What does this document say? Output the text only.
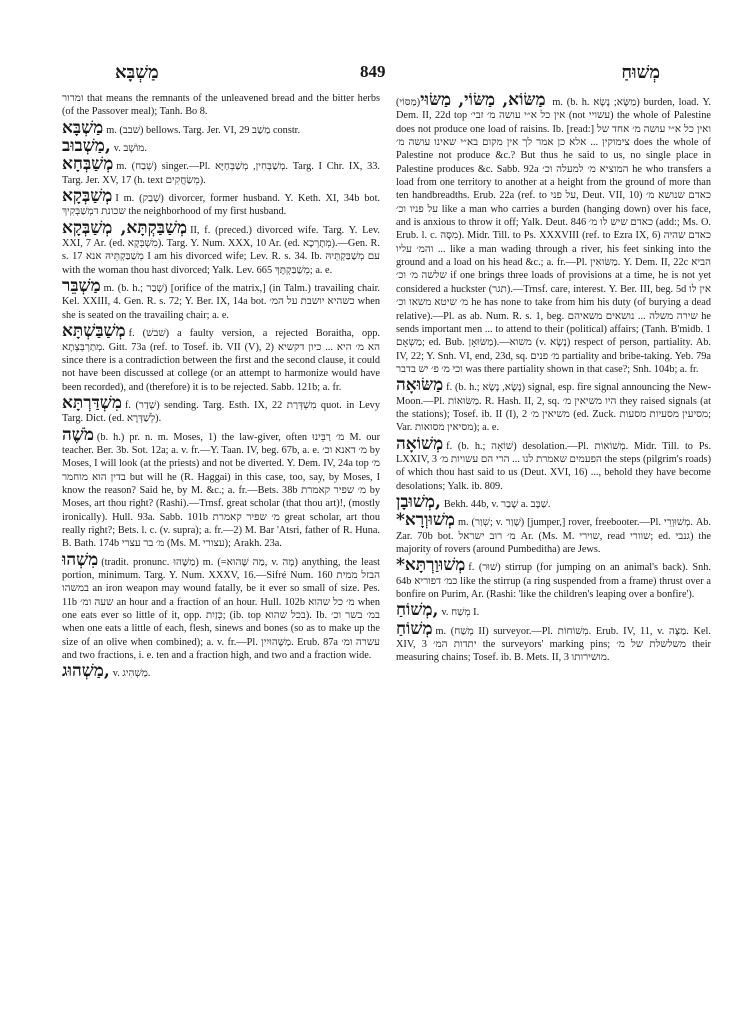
מַשְׁבָּא	849	מְשׁוּחַ

ומרור that means the remnants of the unleavened bread and the bitter herbs (of the Passover meal); Tanh. Bo 8.

מַשְׁבָּא m. (שׁבב) bellows. Targ. Jer. VI, 29 מַשַׁב constr.

מַשְׁבוּב, v. מוֹשָׁב.

מְשַׁבְּחָא m. (שְׁבַח) singer.—Pl. מְשַׁבְּחִין, מְשַׁבְּחַיָּא. Targ. I Chr. IX, 33. Targ. Jer. XV, 17 (h. text מְשַׂחֲקִים).

מְשַׁבְּקָא I m. (שְׁבַק) divorcer, former husband. Y. Keth. XI, 34b bot. שכונת דמְשַׁבְּקִיךְ the neighborhood of my first husband.

מְשַׁבַּקְתָּא, מְשַׁבְּקָא II, f. (preced.) divorced wife. Targ. Y. Lev. XXI, 7 Ar. (ed. מִשְׁבְּקָא). Targ. Y. Num. XXX, 10 Ar. (ed. מְתָרְכָא).—Gen. R. s. 17 מְשַׁבַּקְתֵּיהּ אנא I am his divorced wife; Lev. R. s. 34. Ib. עם מְשַׁבַּקְתֵּיהּ with the woman thou hast divorced; Yalk. Lev. 665 מְשַׁבַּקְתָּךְ; a. e.

מַשְׁבֵּר m. (b. h.; שָׁבַר) [orifice of the matrix,] (in Talm.) travailing chair. Kel. XXIII, 4. Gen. R. s. 72; Y. Ber. IX, 14a bot. כשהיא יושבת על המ׳ when she is seated on the travailing chair; a. e.

מְשַׁבַּשְׁתָּא f. (שׁבשׁ) a faulty version, a rejected Boraitha, opp. מְתַרְבְּצְתָא. Gitt. 73a (ref. to Tosef. ib. VII (V), 2) הא מ׳ היא ... כיון דקשיא since there is a contradiction between the first and the second clause, it could not have been discussed at college (or an attempt to harmonize would have been recorded), and (therefore) it is to be rejected. Sabb. 121b; a. fr.

מִשְׁדַּרְתָּא f. (שְׁדַר) sending. Targ. Esth. IX, 22 מִשְׁדְּרַת quot. in Levy Targ. Dict. (ed. לְשַׁדְּרָא).

מֹשֶׁה (b. h.) pr. n. m. Moses, 1) the law-giver, often מ׳ רַבֵּינוּ M. our teacher. Ber. 3b. Sot. 12a; a. v. fr.—Y. Taan. IV, beg. 67b, a. e. מ׳ דאנא וכ׳ by Moses, I will look (at the priests) and not be diverted. Y. Dem. IV, 24a top מ׳ בדין הוא מוחמר but will he (R. Haggai) in this case, too, say, by Moses, I know the reason? Said he, by M. &c.; a. fr.—Bets. 38b מ׳ שפיר קאמרת by Moses, art thou right? (Rashi).—Trnsf. great scholar (that thou art)!, (mostly ironically). Hull. 93a. Sabb. 101b מ׳ שפיר קאמרת great scholar, art thou really right?; Bets. l. c. (v. supra); a. fr.—2) M. Bar 'Atsri, father of R. Huna. B. Bath. 174b מ׳ בר עצרי (Ms. M. עצורי); Arakh. 23a.

מִשְׁהוּ (tradit. pronunc. מַשֶּׁהוּ) m. (=מַה שֶּׁהוּא, v. מָה) anything, the least portion, minimum. Targ. Y. Num. XXXV, 16.—Sifré Num. 160 הבזל ממית במשהו an iron weapon may wound fatally, be it ever so small of size. Pes. 11b שעה ומ׳ an hour and a fraction of an hour. Hull. 102b מ׳ כל שהוא when one eats ever so little of it, opp. כְּזַיִת; (ib. top בכל שהוא). Ib. במ׳ בשר וכ׳ when one eats a little of each, flesh, sinews and bones (so as to make up the size of an olive when combined); a. v. fr.—Pl. מַשֶּׁהוּיִין. Erub. 87a עשרה ומ׳ and two fractions, i. e. ten and a fraction high, and two and a fraction wide.

מַשְׁהוּג, v. מַשְׁהִיג.

מַשּׂוֹא, מַשּׂוֹי, מַשּׂוּי(מַסּוֹי) m. (b. h. מַשָּׂא; נָשָׂא) burden, load. Y. Dem. II, 22d top אין כל א״י עושה מ׳ זבי׳ (not עשויי) the whole of Palestine does not produce one load of raisins. Ib. [read:] ואין כל א״י עושה מ׳ אחד של צימוקין ... אלא כן אמר לך אין מקום בא״י שאינו עושה מ׳ does the whole of Palestine not produce &c.? But thus he said to us, no single place in Palestine produces &c. Sabb. 92a המוציא מ׳ למעלה וכ׳ he who transfers a load from one territory to another at a height from the ground of more than ten handbreadths. Erub. 22a (ref. to על פני, Deut. VII, 10) כאדם שנושא מ׳ על פניו וכ׳ like a man who carries a burden (hanging down) over his face, and is anxious to throw it off; Yalk. Deut. 846 כאדם שיש לו מ׳ (add:; Ms. O. Erub. l. c. מִסָּה). Midr. Till. to Ps. XXXVIII (ref. to Ezra IX, 6) כאדם שהיה ... והמ׳ עליו like a man wading through a river, his feet sinking into the ground and a load on his head &c.; a. fr.—Pl. מַשּׂוּאִין. Y. Dem. II, 22c הביא שלשה מ׳ וכ׳ if one brings three loads of provisions at a time, he is not yet considered a huckster (תגר).—Trnsf. care, interest. Y. Ber. III, beg. 5d אין לו מ׳ שיטא משאו וכ׳ he has none to take from him his duty (of burying a dead relative).—Pl. as ab. Num. R. s. 1, beg. שירה משלה ... נושאים משאיהם he sends important men ... to attend to their (political) affairs; (Tanh. B'midb. 1 מַשְׂאָם; ed. Bub. מַשּׂוּאָן).—משוא (v. נָשָׂא) respect of person, partiality. Ab. IV, 22; Y. Snh. VI, end, 23d, sq. מ׳ פנים partiality and bribe-taking. Yeb. 79a וכי מ׳ פ׳ יש בדבר was there partiality shown in that case?; Snh. 104b; a. fr.

מַשּׂוּאָה f. (b. h.; נָשָׂא, נָשָׂא) signal, esp. fire signal announcing the New-Moon.—Pl. מַשּׂוּאוֹת. R. Hash. II, 2, sq. היו משיאין מ׳ they raised signals (at the stations); Tosef. ib. II (I), 2 משיאין מ׳ (ed. Zuck. מסיעין מסעיות מסעות; Var. מסיאין מסואות); a. e.

מְשׁוֹאָה f. (b. h.; שׁוֹאָה) desolation.—Pl. מְשׁוֹאוֹת. Midr. Till. to Ps. LXXIV, 3 הפעמים שאמרת לנו ... הרי הם עשויות מ׳ the steps (pilgrim's roads) of which thou hast said to us (Deut. XVI, 16) ..., behold they have become desolations; Yalk. ib. 809.

מְשׁוּבָן, Bekh. 44b, v. שָׁבַר a. שַׁבָּב.

*מְשׁוּוְרָא m. (שְׁוַר; v. שָׁוַר) [jumper,] rover, freebooter.—Pl. מְשׁוּוְרֵי. Ab. Zar. 70b bot. מ׳ רוב ישראל Ar. (Ms. M. שוירי, read שוורי; ed. גנבי) the majority of rovers (around Pumbeditha) are Jews.

*מְשׁוּוַרְתָּא f. (שׁוּר) stirrup (for jumping on an animal's back). Snh. 64b כמ׳ דפוריא like the stirrup (a ring suspended from a frame) thrust over a bonfire on Purim, Ar. (Rashi: 'like the children's leaping over a bonfire').

מְשׁוֹחַ, v. מְשַׁח I.

מְשׁוֹחַ m. (מְשַׁח II) surveyor.—Pl. מְשׁוֹחוֹת. Erub. IV, 11, v. מַצָּה. Kel. XIV, 3 יתדות המ׳ the surveyors' marking pins; משלשלת של מ׳ their measuring chains; Tosef. ib. B. Mets. II, 3 מושירותו.
